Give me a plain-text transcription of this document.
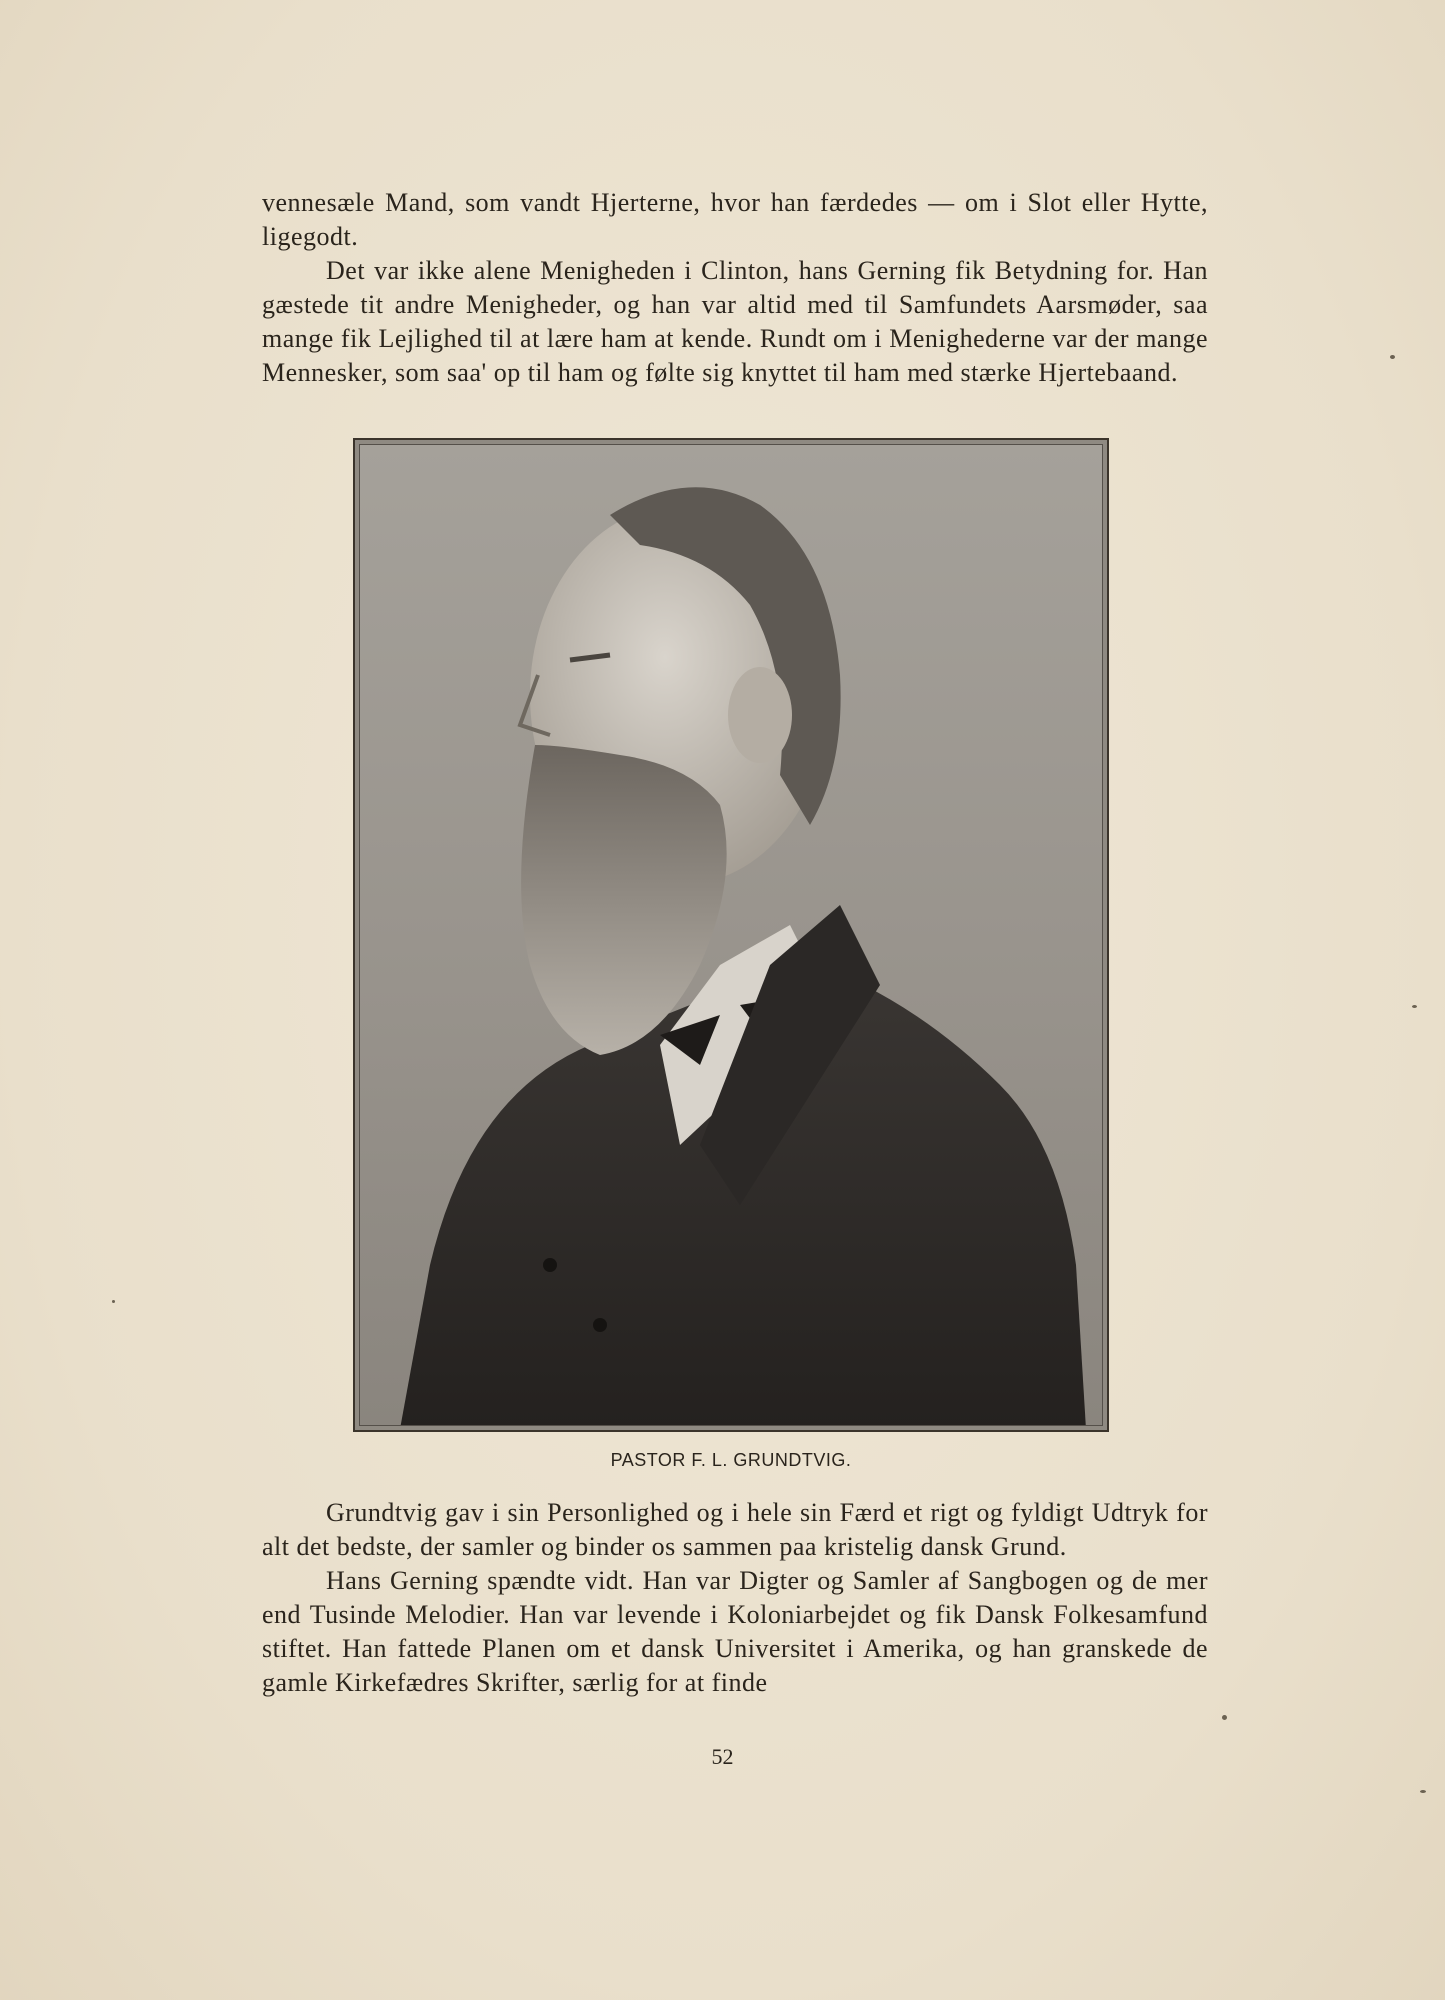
vennesæle Mand, som vandt Hjerterne, hvor han færdedes — om i Slot eller Hytte, ligegodt.

Det var ikke alene Menigheden i Clinton, hans Gerning fik Betydning for. Han gæstede tit andre Menigheder, og han var altid med til Samfundets Aarsmøder, saa mange fik Lejlighed til at lære ham at kende. Rundt om i Menighederne var der mange Mennesker, som saa' op til ham og følte sig knyttet til ham med stærke Hjertebaand.

PASTOR F. L. GRUNDTVIG.

Grundtvig gav i sin Personlighed og i hele sin Færd et rigt og fyldigt Udtryk for alt det bedste, der samler og binder os sammen paa kristelig dansk Grund.

Hans Gerning spændte vidt. Han var Digter og Samler af Sangbogen og de mer end Tusinde Melodier. Han var levende i Koloniarbejdet og fik Dansk Folkesamfund stiftet. Han fattede Planen om et dansk Universitet i Amerika, og han granskede de gamle Kirkefædres Skrifter, særlig for at finde

52
